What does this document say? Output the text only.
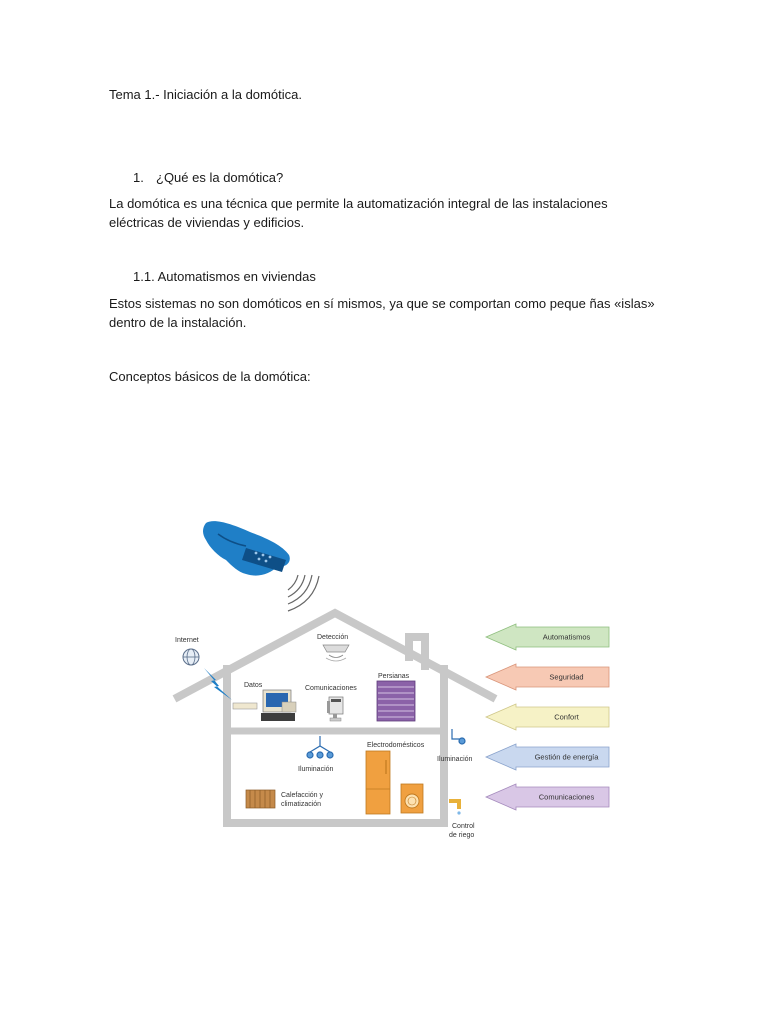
Tema 1.- Iniciación a la domótica.
1. ¿Qué es la domótica?
La domótica es una técnica que permite la automatización integral de las instalaciones
eléctricas de viviendas y edificios.
1.1. Automatismos en viviendas
Estos sistemas no son domóticos en sí mismos, ya que se comportan como peque ñas «islas»
dentro de la instalación.
Conceptos básicos de la domótica:
Internet	Detección
Datos	Comunicaciones
Persianas
Iluminación
Electrodomésticos
Calefacción y
climatización
Iluminación
Control
de riego
Automatismos
Seguridad
Confort
Gestión de energía
Comunicaciones
